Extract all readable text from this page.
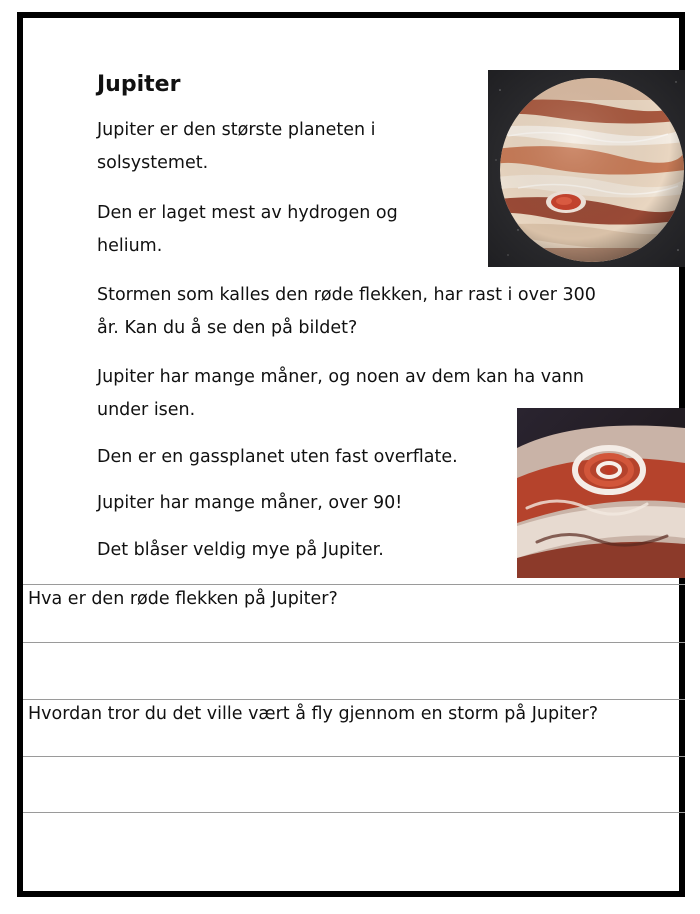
Jupiter

Jupiter er den største planeten i solsystemet.

Den er laget mest av hydrogen og helium.

Stormen som kalles den røde flekken, har rast i over 300 år. Kan du å se den på bildet?

Jupiter har mange måner, og noen av dem kan ha vann under isen.

Den er en gassplanet uten fast overflate.

Jupiter har mange måner, over 90!

Det blåser veldig mye på Jupiter.

Hva er den røde flekken på Jupiter?
Hvordan tror du det ville vært å fly gjennom en storm på Jupiter?
